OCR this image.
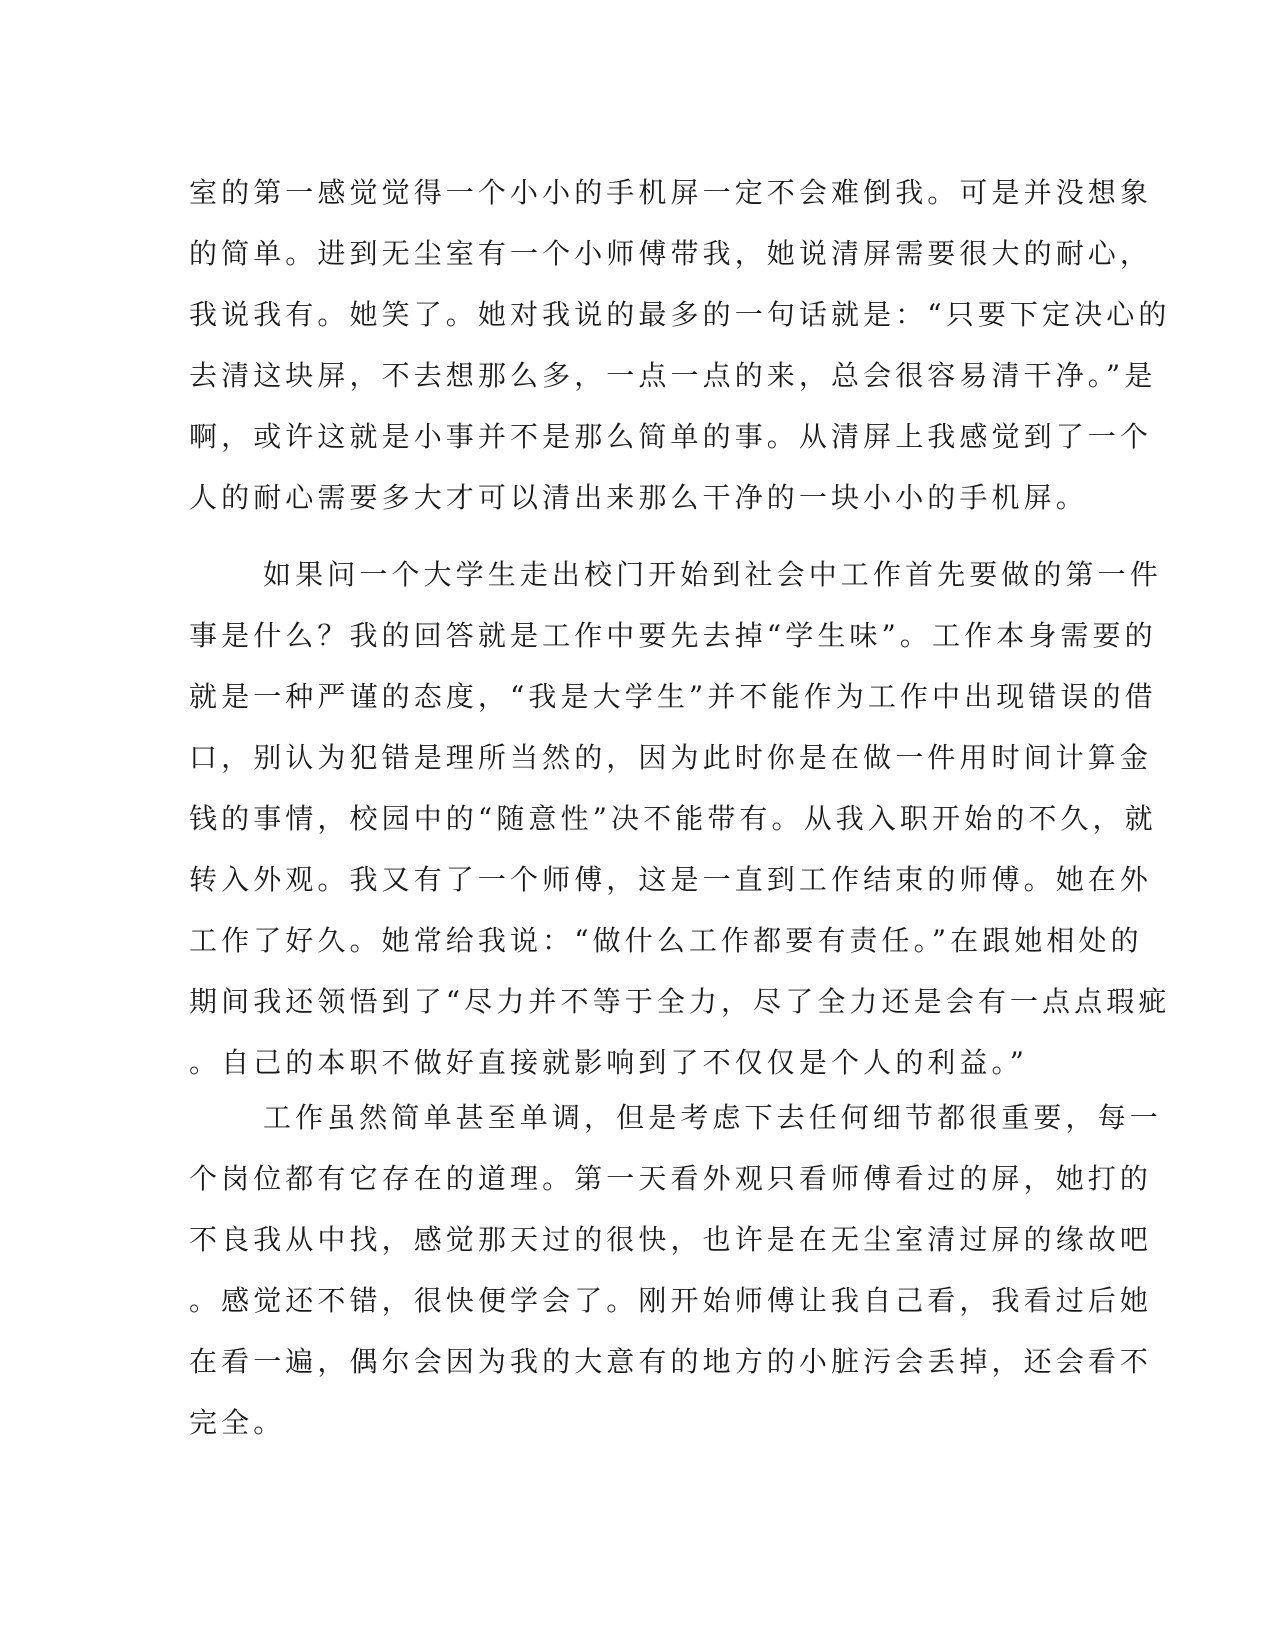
室的第一感觉觉得一个小小的手机屏一定不会难倒我。可是并没想象
的简单。进到无尘室有一个小师傅带我，她说清屏需要很大的耐心，
我说我有。她笑了。她对我说的最多的一句话就是：“只要下定决心的
去清这块屏，不去想那么多，一点一点的来，总会很容易清干净。”是
啊，或许这就是小事并不是那么简单的事。从清屏上我感觉到了一个
人的耐心需要多大才可以清出来那么干净的一块小小的手机屏。
如果问一个大学生走出校门开始到社会中工作首先要做的第一件
事是什么？我的回答就是工作中要先去掉“学生味”。工作本身需要的
就是一种严谨的态度，“我是大学生”并不能作为工作中出现错误的借
口，别认为犯错是理所当然的，因为此时你是在做一件用时间计算金
钱的事情，校园中的“随意性”决不能带有。从我入职开始的不久，就
转入外观。我又有了一个师傅，这是一直到工作结束的师傅。她在外
工作了好久。她常给我说：“做什么工作都要有责任。”在跟她相处的
期间我还领悟到了“尽力并不等于全力，尽了全力还是会有一点点瑕疵
。自己的本职不做好直接就影响到了不仅仅是个人的利益。”
工作虽然简单甚至单调，但是考虑下去任何细节都很重要，每一
个岗位都有它存在的道理。第一天看外观只看师傅看过的屏，她打的
不良我从中找，感觉那天过的很快，也许是在无尘室清过屏的缘故吧
。感觉还不错，很快便学会了。刚开始师傅让我自己看，我看过后她
在看一遍，偶尔会因为我的大意有的地方的小脏污会丢掉，还会看不
完全。
